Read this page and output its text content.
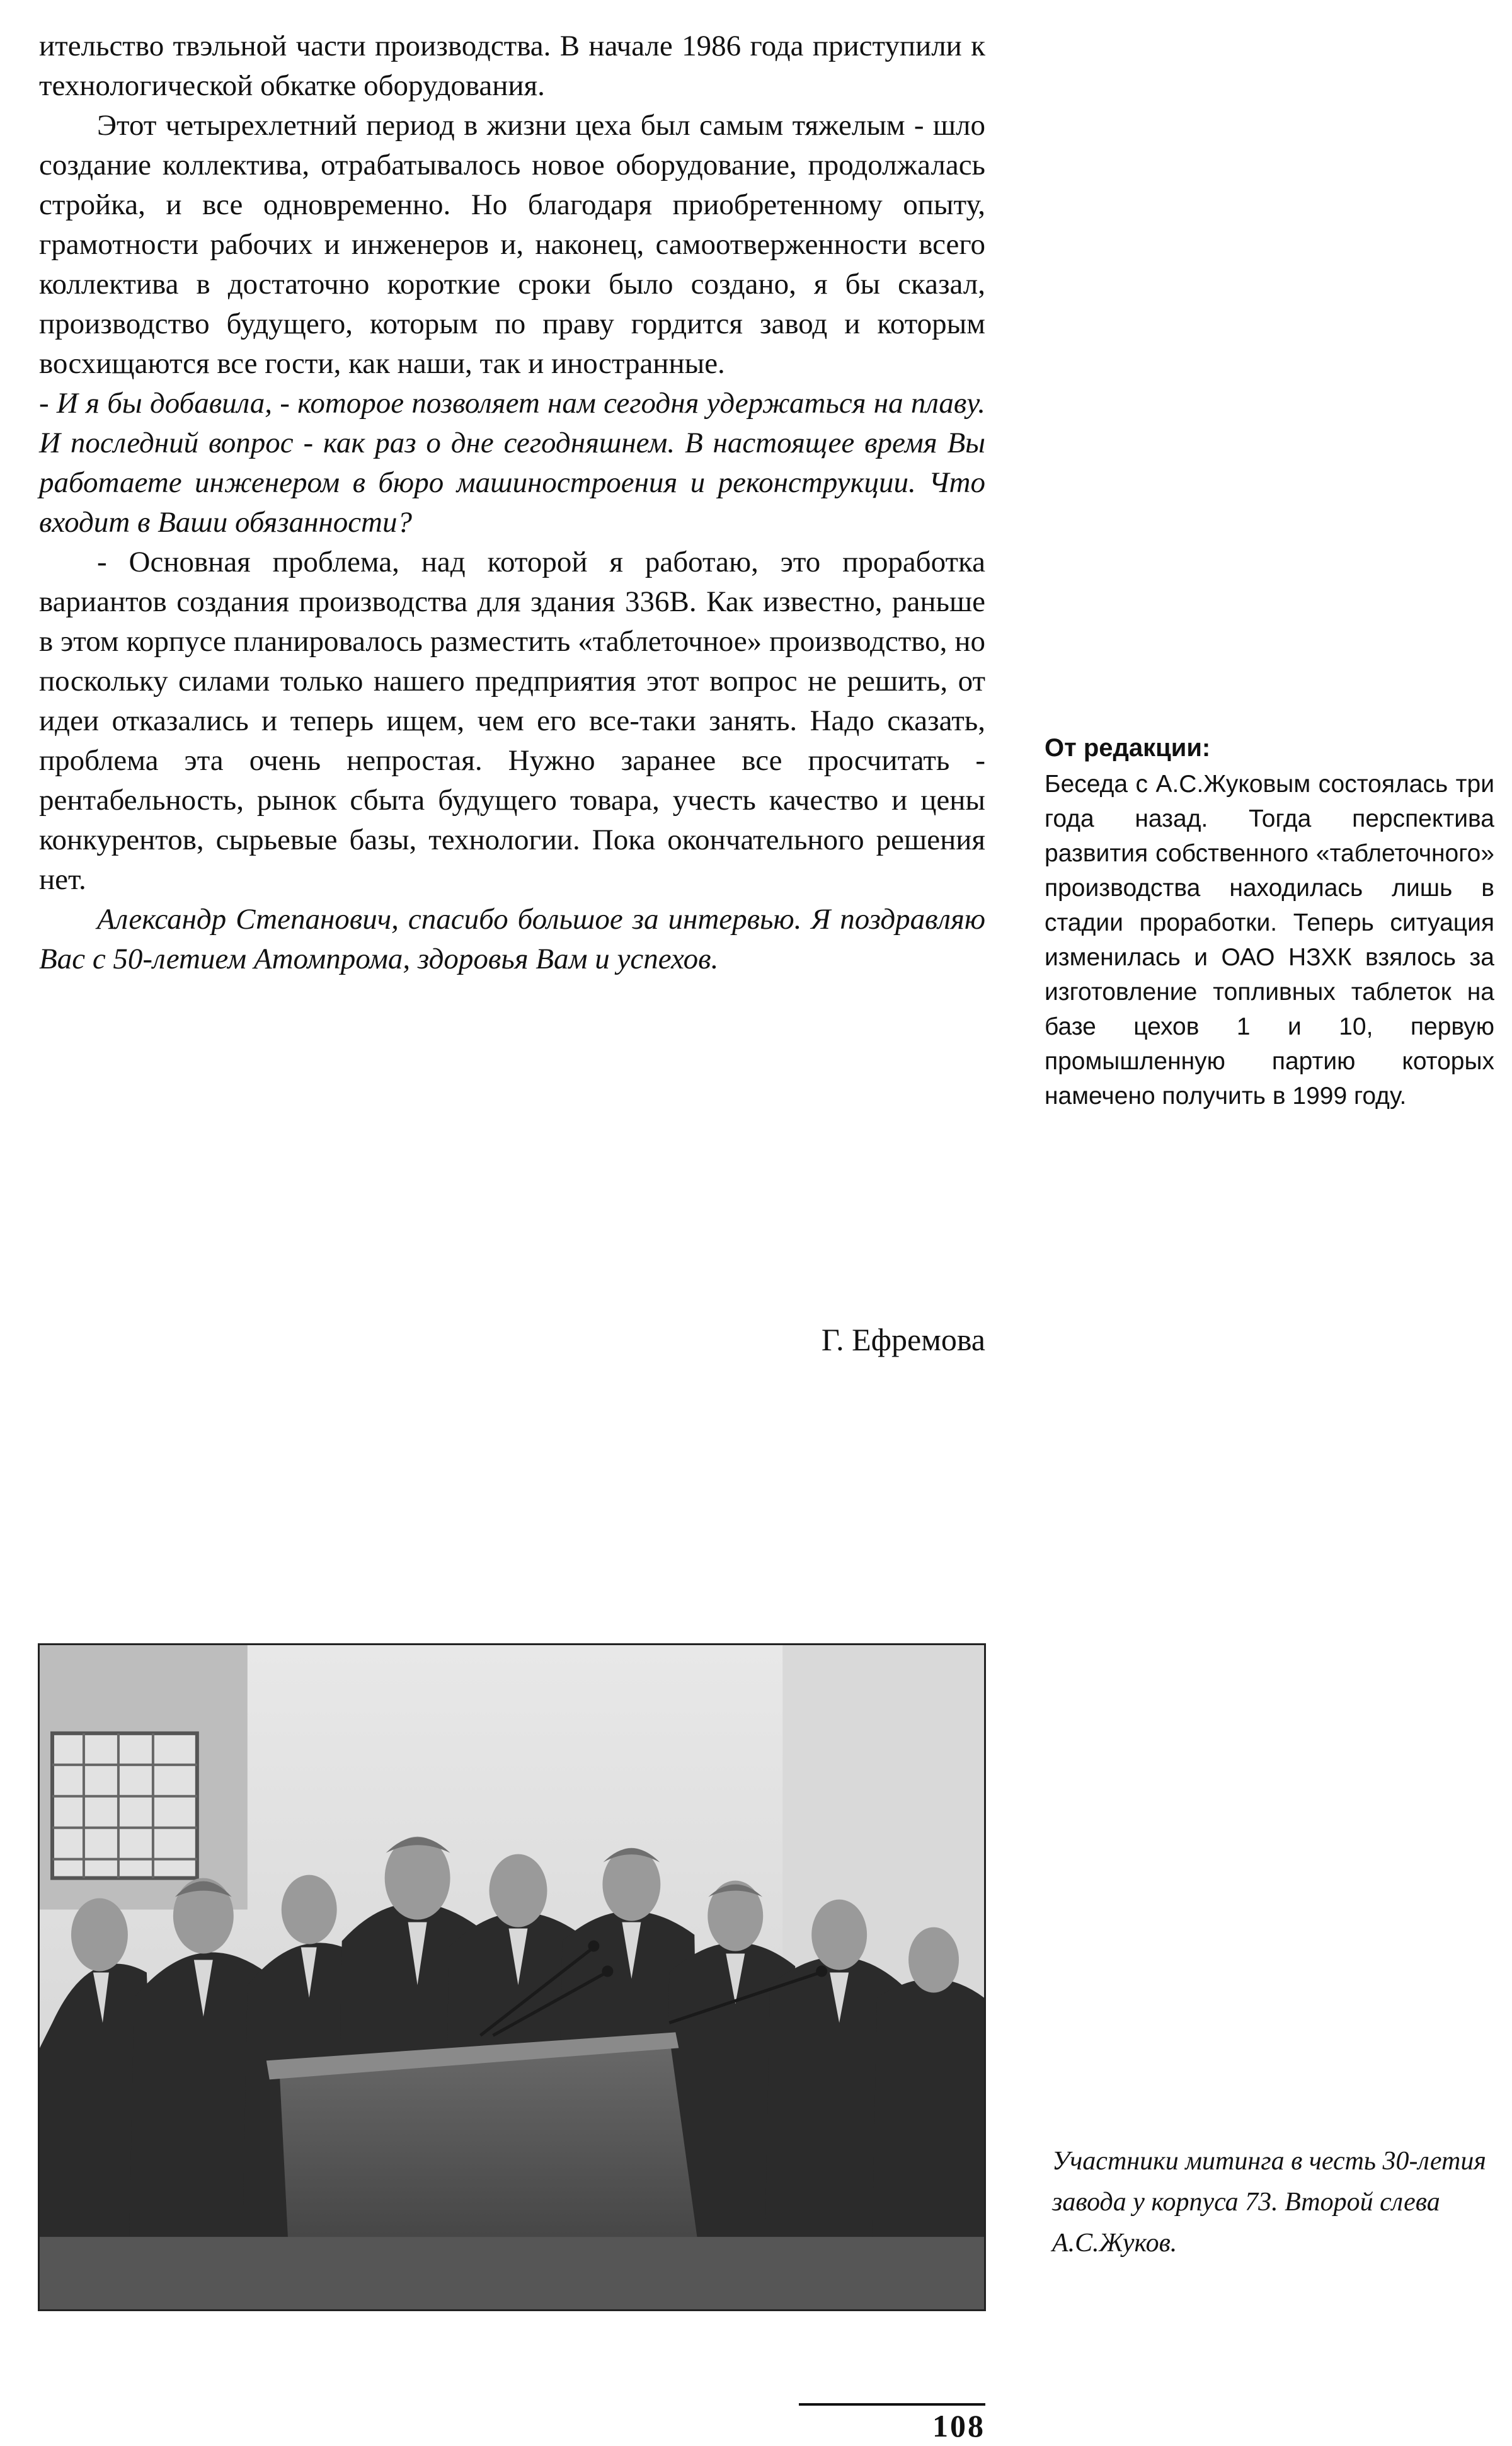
ительство твэльной части производства. В начале 1986 года приступили к технологической обкатке оборудования.

Этот четырехлетний период в жизни цеха был самым тяжелым - шло создание коллектива, отрабатывалось новое оборудование, продолжалась стройка, и все одновременно. Но благодаря приобретенному опыту, грамотности рабочих и инженеров и, наконец, самоотверженности всего коллектива в достаточно короткие сроки было создано, я бы сказал, производство будущего, которым по праву гордится завод и которым восхищаются все гости, как наши, так и иностранные.

- И я бы добавила, - которое позволяет нам сегодня удержаться на плаву. И последний вопрос - как раз о дне сегодняшнем. В настоящее время Вы работаете инженером в бюро машиностроения и реконструкции. Что входит в Ваши обязанности?

- Основная проблема, над которой я работаю, это проработка вариантов создания производства для здания 336В. Как известно, раньше в этом корпусе планировалось разместить «таблеточное» производство, но поскольку силами только нашего предприятия этот вопрос не решить, от идеи отказались и теперь ищем, чем его все-таки занять. Надо сказать, проблема эта очень непростая. Нужно заранее все просчитать - рентабельность, рынок сбыта будущего товара, учесть качество и цены конкурентов, сырьевые базы, технологии. Пока окончательного решения нет.

Александр Степанович, спасибо большое за интервью. Я поздравляю Вас с 50-летием Атомпрома, здоровья Вам и успехов.

Г. Ефремова

От редакции:

Беседа с А.С.Жуковым состоялась три года назад. Тогда перспектива развития собственного «таблеточного» производства находилась лишь в стадии проработки. Теперь ситуация изменилась и ОАО НЗХК взялось за изготовление топливных таблеток на базе цехов 1 и 10, первую промышленную партию которых намечено получить в 1999 году.

Участники митинга в честь 30-летия завода у корпуса 73. Второй слева А.С.Жуков.
108
